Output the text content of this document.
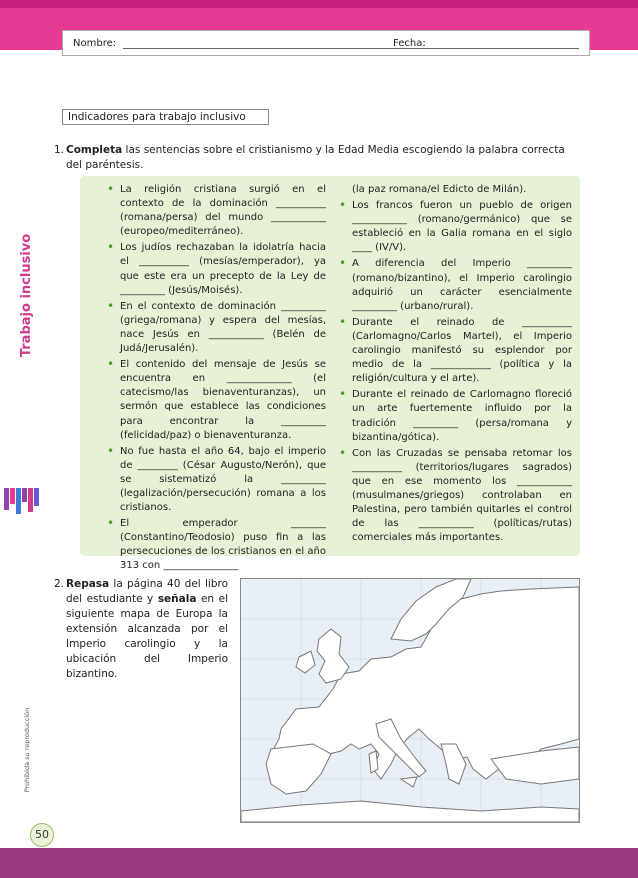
Nombre:	Fecha:
Trabajo inclusivo
Prohibida su reproducción
Indicadores para trabajo inclusivo
1. Completa las sentencias sobre el cristianismo y la Edad Media escogiendo la palabra correcta del paréntesis.
• La religión cristiana surgió en el contexto de la dominación __________ (romana/persa) del mundo ___________ (europeo/mediterráneo).
• Los judíos rechazaban la idolatría hacia el __________ (mesías/emperador), ya que este era un precepto de la Ley de _________ (Jesús/Moisés).
• En el contexto de dominación _________ (griega/romana) y espera del mesías, nace Jesús en ___________ (Belén de Judá/Jerusalén).
• El contenido del mensaje de Jesús se encuentra en _____________ (el catecismo/las bienaventuranzas), un sermón que establece las condiciones para encontrar la _________ (felicidad/paz) o bienaventuranza.
• No fue hasta el año 64, bajo el imperio de ________ (César Augusto/Nerón), que se sistematizó la _________ (legalización/persecución) romana a los cristianos.
• El emperador _______ (Constantino/Teodosio) puso fin a las persecuciones de los cristianos en el año 313 con _______________

(la paz romana/el Edicto de Milán).

• Los francos fueron un pueblo de origen ___________ (romano/germánico) que se estableció en la Galia romana en el siglo ____ (IV/V).
• A diferencia del Imperio _________ (romano/bizantino), el Imperio carolingio adquirió un carácter esencialmente _________ (urbano/rural).
• Durante el reinado de __________ (Carlomagno/Carlos Martel), el Imperio carolingio manifestó su esplendor por medio de la ____________ (política y la religión/cultura y el arte).
• Durante el reinado de Carlomagno floreció un arte fuertemente influido por la tradición _________ (persa/romana y bizantina/gótica).
• Con las Cruzadas se pensaba retomar los __________ (territorios/lugares sagrados) que en ese momento los ___________ (musulmanes/griegos) controlaban en Palestina, pero también quitarles el control de las ___________ (políticas/rutas) comerciales más importantes.
2. Repasa la página 40 del libro del estudiante y señala en el siguiente mapa de Europa la extensión alcanzada por el Imperio carolingio y la ubicación del Imperio bizantino.
50
